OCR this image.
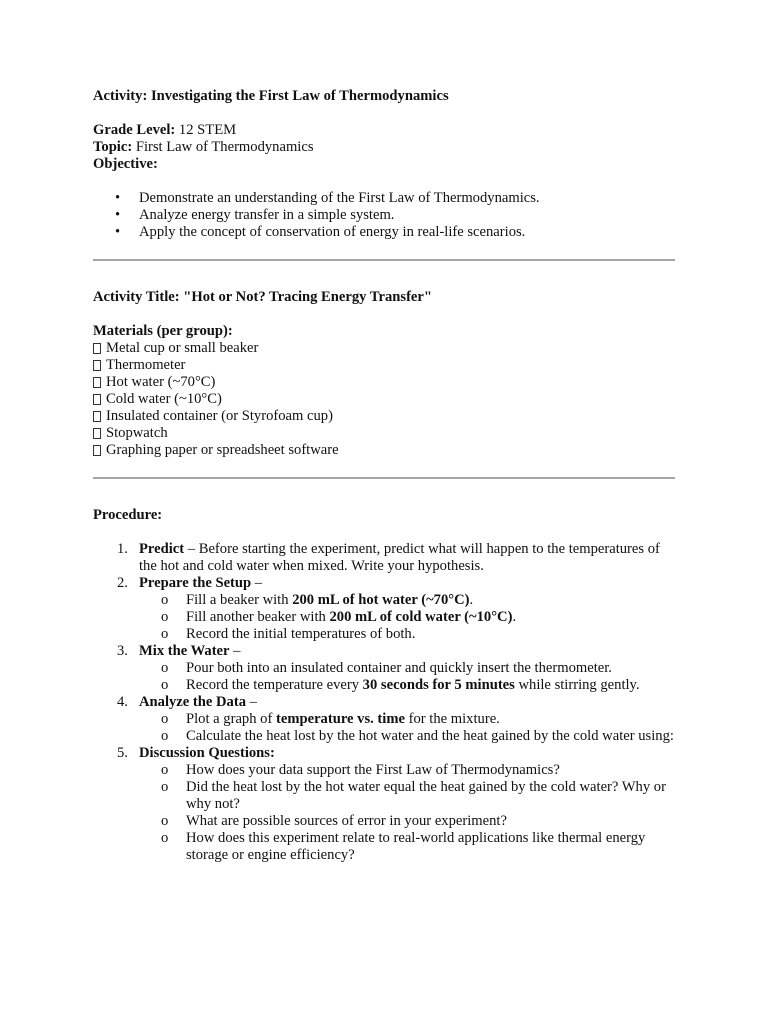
Activity: Investigating the First Law of Thermodynamics

Grade Level: 12 STEM

Topic: First Law of Thermodynamics

Objective:

• Demonstrate an understanding of the First Law of Thermodynamics.
• Analyze energy transfer in a simple system.
• Apply the concept of conservation of energy in real-life scenarios.

Activity Title: "Hot or Not? Tracing Energy Transfer"

Materials (per group):

Metal cup or small beaker

Thermometer

Hot water (~70°C)

Cold water (~10°C)

Insulated container (or Styrofoam cup)

Stopwatch

Graphing paper or spreadsheet software

Procedure:

1. Predict – Before starting the experiment, predict what will happen to the temperatures of the hot and cold water when mixed. Write your hypothesis.
2. Prepare the Setup –
o Fill a beaker with 200 mL of hot water (~70°C).
o Fill another beaker with 200 mL of cold water (~10°C).
o Record the initial temperatures of both.
3. Mix the Water –
o Pour both into an insulated container and quickly insert the thermometer.
o Record the temperature every 30 seconds for 5 minutes while stirring gently.
4. Analyze the Data –
o Plot a graph of temperature vs. time for the mixture.
o Calculate the heat lost by the hot water and the heat gained by the cold water using:
5. Discussion Questions:
o How does your data support the First Law of Thermodynamics?
o Did the heat lost by the hot water equal the heat gained by the cold water? Why or why not?
o What are possible sources of error in your experiment?
o How does this experiment relate to real-world applications like thermal energy storage or engine efficiency?
